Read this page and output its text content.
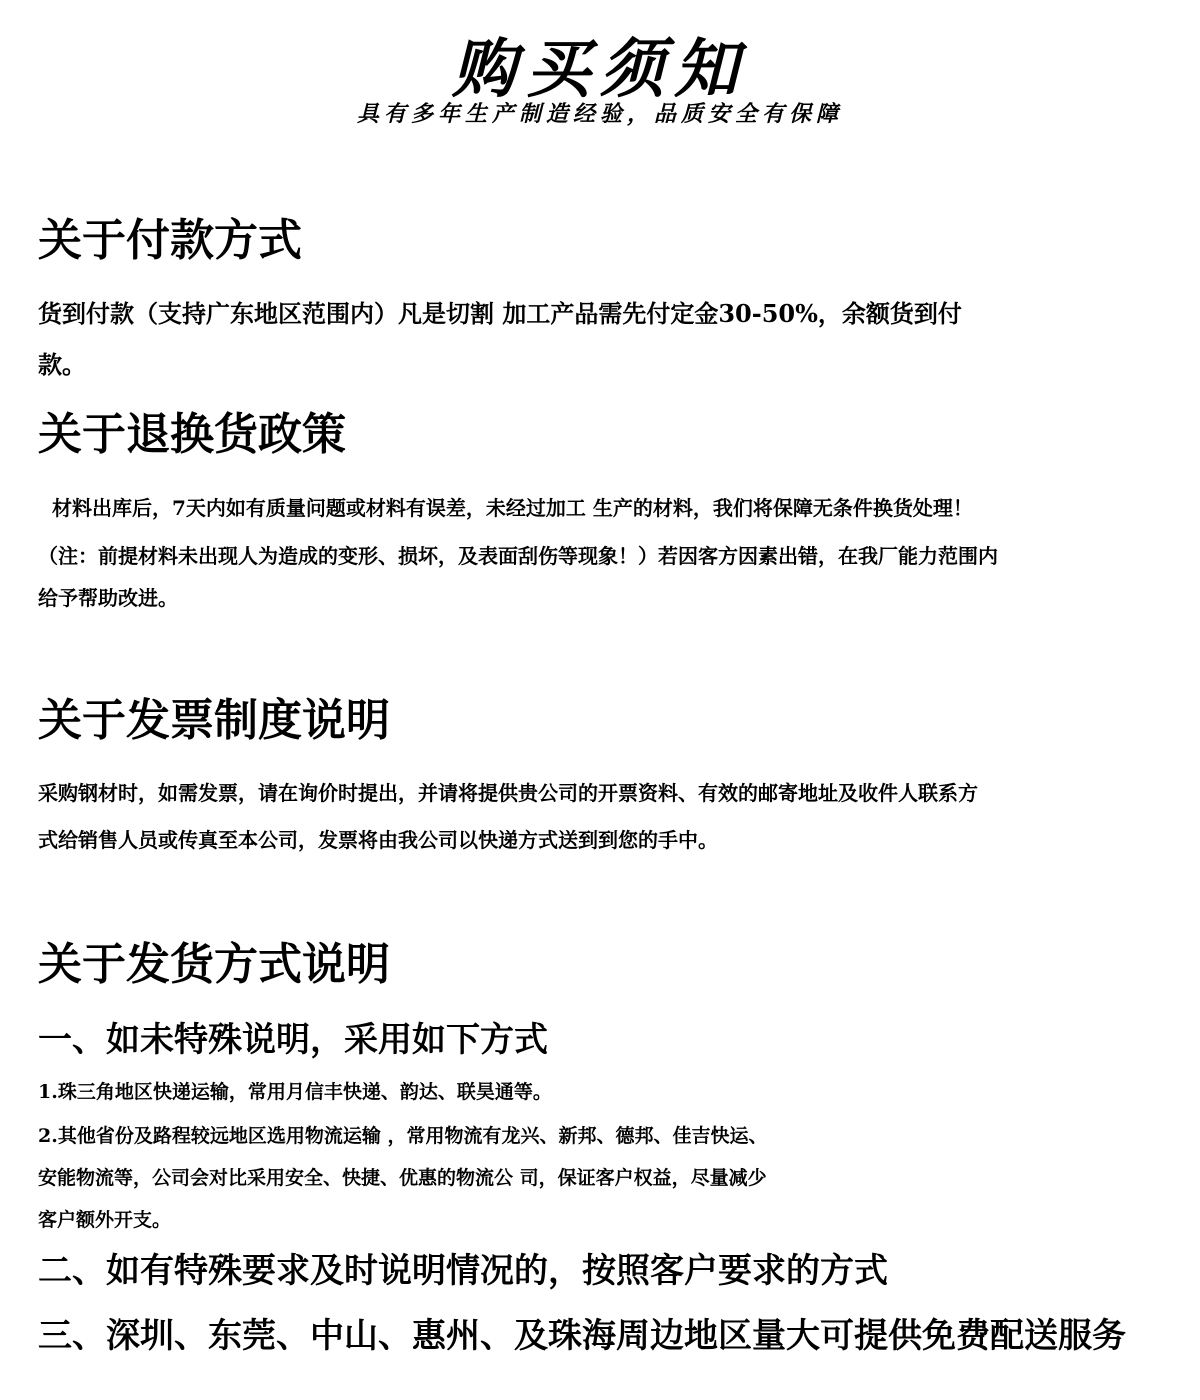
购买须知
具有多年生产制造经验，品质安全有保障
关于付款方式

货到付款（支持广东地区范围内）凡是切割 加工产品需先付定金30-50%，余额货到付

款。

关于退换货政策

材料出库后，7天内如有质量问题或材料有误差，未经过加工 生产的材料，我们将保障无条件换货处理！

（注：前提材料未出现人为造成的变形、损坏，及表面刮伤等现象！）若因客方因素出错，在我厂能力范围内

给予帮助改进。

关于发票制度说明

采购钢材时，如需发票，请在询价时提出，并请将提供贵公司的开票资料、有效的邮寄地址及收件人联系方

式给销售人员或传真至本公司，发票将由我公司以快递方式送到到您的手中。

关于发货方式说明
一、如未特殊说明，采用如下方式

1.珠三角地区快递运输，常用月信丰快递、韵达、联昊通等。

2.其他省份及路程较远地区选用物流运输 ，常用物流有龙兴、新邦、德邦、佳吉快运、

安能物流等，公司会对比采用安全、快捷、优惠的物流公 司，保证客户权益，尽量减少

客户额外开支。

二、如有特殊要求及时说明情况的，按照客户要求的方式
三、深圳、东莞、中山、惠州、及珠海周边地区量大可提供免费配送服务
